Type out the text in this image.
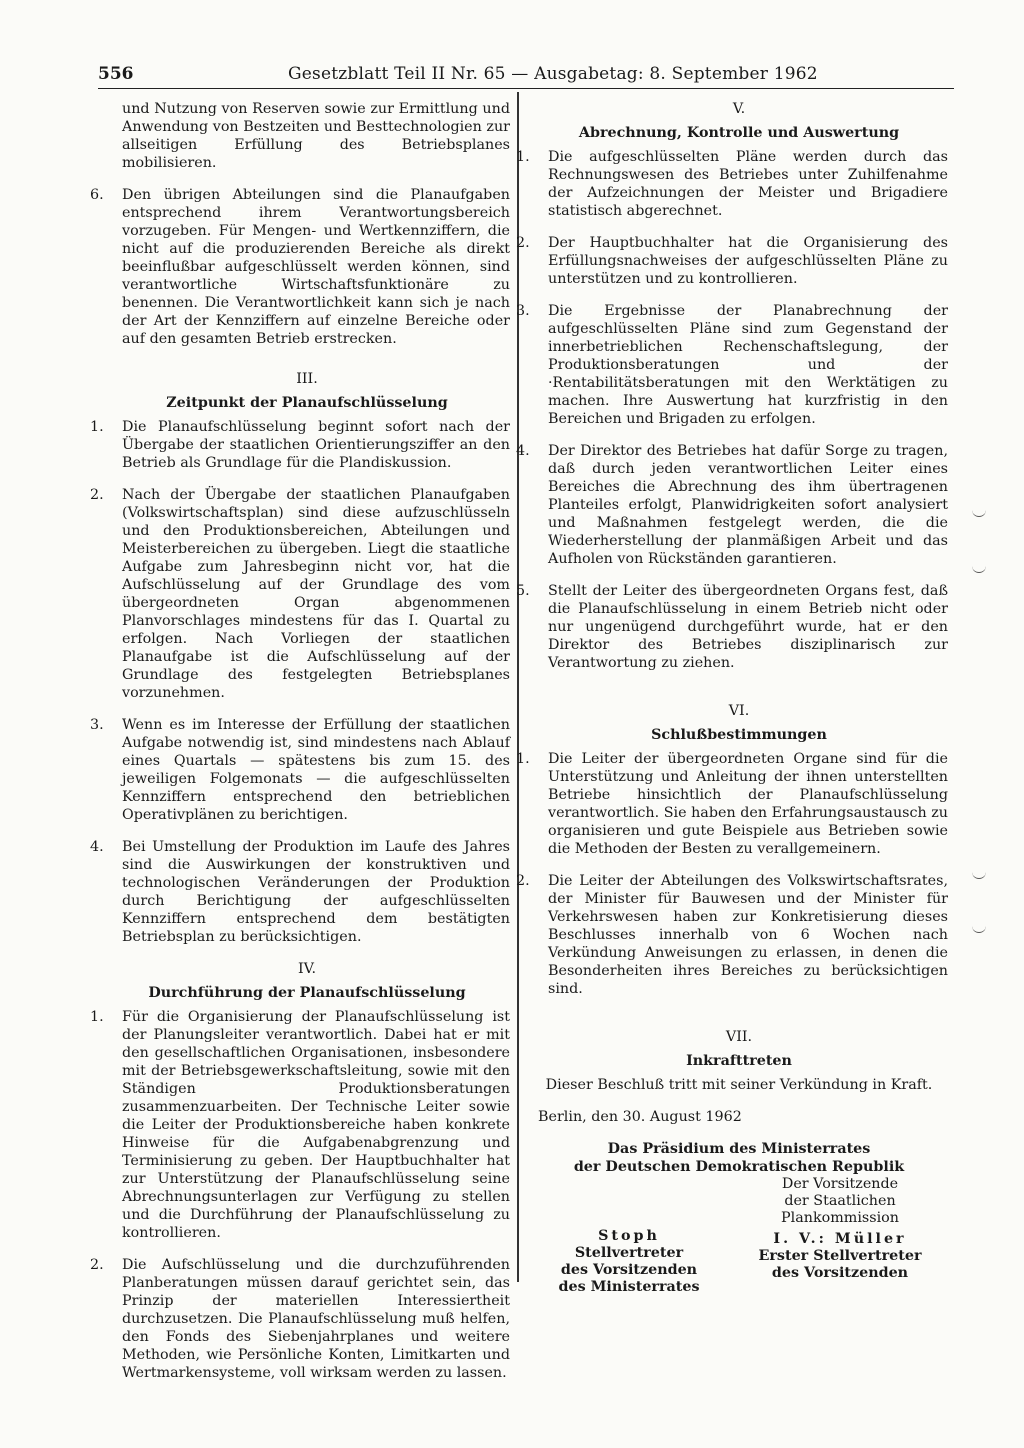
556	Gesetzblatt Teil II Nr. 65 — Ausgabetag: 8. September 1962

und Nutzung von Reserven sowie zur Ermittlung und Anwendung von Bestzeiten und Besttechnologien zur allseitigen Erfüllung des Betriebsplanes mobilisieren.

6. Den übrigen Abteilungen sind die Planaufgaben entsprechend ihrem Verantwortungsbereich vorzugeben. Für Mengen- und Wertkennziffern, die nicht auf die produzierenden Bereiche als direkt beeinflußbar aufgeschlüsselt werden können, sind verantwortliche Wirtschaftsfunktionäre zu benennen. Die Verantwortlichkeit kann sich je nach der Art der Kennziffern auf einzelne Bereiche oder auf den gesamten Betrieb erstrecken.
III.
Zeitpunkt der Planaufschlüsselung
1. Die Planaufschlüsselung beginnt sofort nach der Übergabe der staatlichen Orientierungsziffer an den Betrieb als Grundlage für die Plandiskussion.
2. Nach der Übergabe der staatlichen Planaufgaben (Volkswirtschaftsplan) sind diese aufzuschlüsseln und den Produktionsbereichen, Abteilungen und Meisterbereichen zu übergeben. Liegt die staatliche Aufgabe zum Jahresbeginn nicht vor, hat die Aufschlüsselung auf der Grundlage des vom übergeordneten Organ abgenommenen Planvorschlages mindestens für das I. Quartal zu erfolgen. Nach Vorliegen der staatlichen Planaufgabe ist die Aufschlüsselung auf der Grundlage des festgelegten Betriebsplanes vorzunehmen.
3. Wenn es im Interesse der Erfüllung der staatlichen Aufgabe notwendig ist, sind mindestens nach Ablauf eines Quartals — spätestens bis zum 15. des jeweiligen Folgemonats — die aufgeschlüsselten Kennziffern entsprechend den betrieblichen Operativplänen zu berichtigen.
4. Bei Umstellung der Produktion im Laufe des Jahres sind die Auswirkungen der konstruktiven und technologischen Veränderungen der Produktion durch Berichtigung der aufgeschlüsselten Kennziffern entsprechend dem bestätigten Betriebsplan zu berücksichtigen.
IV.
Durchführung der Planaufschlüsselung
1. Für die Organisierung der Planaufschlüsselung ist der Planungsleiter verantwortlich. Dabei hat er mit den gesellschaftlichen Organisationen, insbesondere mit der Betriebsgewerkschaftsleitung, sowie mit den Ständigen Produktionsberatungen zusammenzuarbeiten. Der Technische Leiter sowie die Leiter der Produktionsbereiche haben konkrete Hinweise für die Aufgabenabgrenzung und Terminisierung zu geben. Der Hauptbuchhalter hat zur Unterstützung der Planaufschlüsselung seine Abrechnungsunterlagen zur Verfügung zu stellen und die Durchführung der Planaufschlüsselung zu kontrollieren.
2. Die Aufschlüsselung und die durchzuführenden Planberatungen müssen darauf gerichtet sein, das Prinzip der materiellen Interessiertheit durchzusetzen. Die Planaufschlüsselung muß helfen, den Fonds des Siebenjahrplanes und weitere Methoden, wie Persönliche Konten, Limitkarten und Wertmarkensysteme, voll wirksam werden zu lassen.
V.
Abrechnung, Kontrolle und Auswertung
1. Die aufgeschlüsselten Pläne werden durch das Rechnungswesen des Betriebes unter Zuhilfenahme der Aufzeichnungen der Meister und Brigadiere statistisch abgerechnet.
2. Der Hauptbuchhalter hat die Organisierung des Erfüllungsnachweises der aufgeschlüsselten Pläne zu unterstützen und zu kontrollieren.
3. Die Ergebnisse der Planabrechnung der aufgeschlüsselten Pläne sind zum Gegenstand der innerbetrieblichen Rechenschaftslegung, der Produktionsberatungen und der ·Rentabilitätsberatungen mit den Werktätigen zu machen. Ihre Auswertung hat kurzfristig in den Bereichen und Brigaden zu erfolgen.
4. Der Direktor des Betriebes hat dafür Sorge zu tragen, daß durch jeden verantwortlichen Leiter eines Bereiches die Abrechnung des ihm übertragenen Planteiles erfolgt, Planwidrigkeiten sofort analysiert und Maßnahmen festgelegt werden, die die Wiederherstellung der planmäßigen Arbeit und das Aufholen von Rückständen garantieren.
5. Stellt der Leiter des übergeordneten Organs fest, daß die Planaufschlüsselung in einem Betrieb nicht oder nur ungenügend durchgeführt wurde, hat er den Direktor des Betriebes disziplinarisch zur Verantwortung zu ziehen.
VI.
Schlußbestimmungen
1. Die Leiter der übergeordneten Organe sind für die Unterstützung und Anleitung der ihnen unterstellten Betriebe hinsichtlich der Planaufschlüsselung verantwortlich. Sie haben den Erfahrungsaustausch zu organisieren und gute Beispiele aus Betrieben sowie die Methoden der Besten zu verallgemeinern.
2. Die Leiter der Abteilungen des Volkswirtschaftsrates, der Minister für Bauwesen und der Minister für Verkehrswesen haben zur Konkretisierung dieses Beschlusses innerhalb von 6 Wochen nach Verkündung Anweisungen zu erlassen, in denen die Besonderheiten ihres Bereiches zu berücksichtigen sind.
VII.
Inkrafttreten

Dieser Beschluß tritt mit seiner Verkündung in Kraft.

Berlin, den 30. August 1962

Das Präsidium des Ministerrates
der Deutschen Demokratischen Republik
Der Vorsitzende
der Staatlichen
Plankommission
I. V.: Müller
Erster Stellvertreter
des Vorsitzenden
Stoph
Stellvertreter
des Vorsitzenden
des Ministerrates
